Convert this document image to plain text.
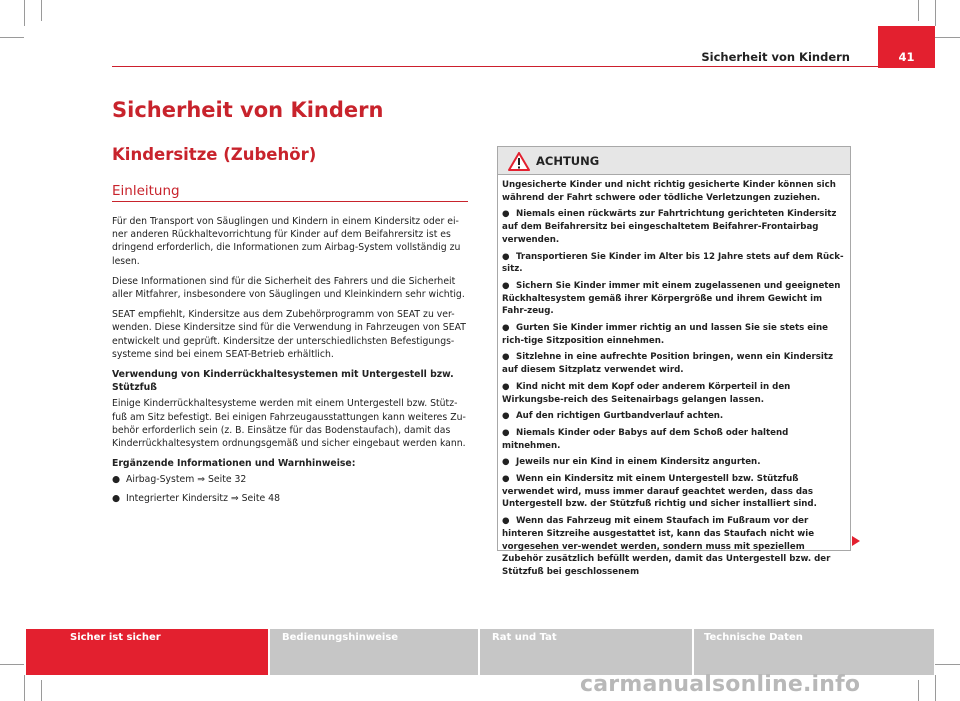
Sicherheit von Kindern	41
Sicherheit von Kindern
Kindersitze (Zubehör)
Einleitung

Für den Transport von Säuglingen und Kindern in einem Kindersitz oder ei-ner anderen Rückhaltevorrichtung für Kinder auf dem Beifahrersitz ist es dringend erforderlich, die Informationen zum Airbag-System vollständig zu lesen.

Diese Informationen sind für die Sicherheit des Fahrers und die Sicherheit aller Mitfahrer, insbesondere von Säuglingen und Kleinkindern sehr wichtig.

SEAT empfiehlt, Kindersitze aus dem Zubehörprogramm von SEAT zu ver-wenden. Diese Kindersitze sind für die Verwendung in Fahrzeugen von SEAT entwickelt und geprüft. Kindersitze der unterschiedlichsten Befestigungs-systeme sind bei einem SEAT-Betrieb erhältlich.

Verwendung von Kinderrückhaltesystemen mit Untergestell bzw. Stützfuß

Einige Kinderrückhaltesysteme werden mit einem Untergestell bzw. Stütz-fuß am Sitz befestigt. Bei einigen Fahrzeugausstattungen kann weiteres Zu-behör erforderlich sein (z. B. Einsätze für das Bodenstaufach), damit das Kinderrückhaltesystem ordnungsgemäß und sicher eingebaut werden kann.

Ergänzende Informationen und Warnhinweise:

● Airbag-System ⇒ Seite 32
● Integrierter Kindersitz ⇒ Seite 48
ACHTUNG

Ungesicherte Kinder und nicht richtig gesicherte Kinder können sich während der Fahrt schwere oder tödliche Verletzungen zuziehen.

● Niemals einen rückwärts zur Fahrtrichtung gerichteten Kindersitz auf dem Beifahrersitz bei eingeschaltetem Beifahrer-Frontairbag verwenden.
● Transportieren Sie Kinder im Alter bis 12 Jahre stets auf dem Rück-sitz.
● Sichern Sie Kinder immer mit einem zugelassenen und geeigneten Rückhaltesystem gemäß ihrer Körpergröße und ihrem Gewicht im Fahr-zeug.
● Gurten Sie Kinder immer richtig an und lassen Sie sie stets eine rich-tige Sitzposition einnehmen.
● Sitzlehne in eine aufrechte Position bringen, wenn ein Kindersitz auf diesem Sitzplatz verwendet wird.
● Kind nicht mit dem Kopf oder anderem Körperteil in den Wirkungsbe-reich des Seitenairbags gelangen lassen.
● Auf den richtigen Gurtbandverlauf achten.
● Niemals Kinder oder Babys auf dem Schoß oder haltend mitnehmen.
● Jeweils nur ein Kind in einem Kindersitz angurten.
● Wenn ein Kindersitz mit einem Untergestell bzw. Stützfuß verwendet wird, muss immer darauf geachtet werden, dass das Untergestell bzw. der Stützfuß richtig und sicher installiert sind.
● Wenn das Fahrzeug mit einem Staufach im Fußraum vor der hinteren Sitzreihe ausgestattet ist, kann das Staufach nicht wie vorgesehen ver-wendet werden, sondern muss mit speziellem Zubehör zusätzlich befüllt werden, damit das Untergestell bzw. der Stützfuß bei geschlossenem
Sicher ist sicher	Bedienungshinweise	Rat und Tat	Technische Daten
carmanualsonline.info
